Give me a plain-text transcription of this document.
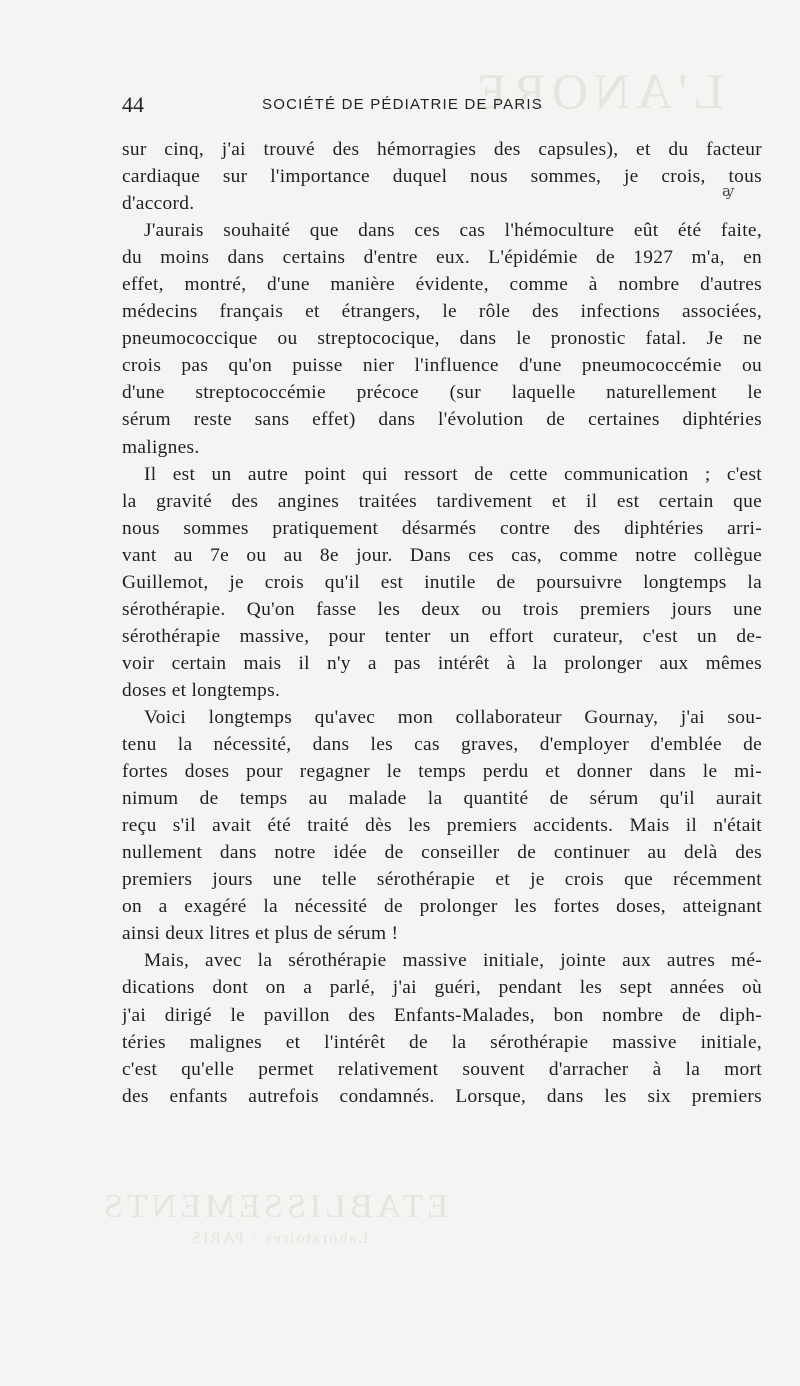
L'ANORE
ETABLISSEMENTS
Laboratoires · PARIS
44	SOCIÉTÉ DE PÉDIATRIE DE PARIS
ꜽ
sur cinq, j'ai trouvé des hémorragies des capsules), et du facteur
cardiaque sur l'importance duquel nous sommes, je crois, tous
d'accord.
J'aurais souhaité que dans ces cas l'hémoculture eût été faite,
du moins dans certains d'entre eux. L'épidémie de 1927 m'a, en
effet, montré, d'une manière évidente, comme à nombre d'autres
médecins français et étrangers, le rôle des infections associées,
pneumococcique ou streptococique, dans le pronostic fatal. Je ne
crois pas qu'on puisse nier l'influence d'une pneumococcémie ou
d'une streptococcémie précoce (sur laquelle naturellement le
sérum reste sans effet) dans l'évolution de certaines diphtéries
malignes.
Il est un autre point qui ressort de cette communication ; c'est
la gravité des angines traitées tardivement et il est certain que
nous sommes pratiquement désarmés contre des diphtéries arri-
vant au 7e ou au 8e jour. Dans ces cas, comme notre collègue
Guillemot, je crois qu'il est inutile de poursuivre longtemps la
sérothérapie. Qu'on fasse les deux ou trois premiers jours une
sérothérapie massive, pour tenter un effort curateur, c'est un de-
voir certain mais il n'y a pas intérêt à la prolonger aux mêmes
doses et longtemps.
Voici longtemps qu'avec mon collaborateur Gournay, j'ai sou-
tenu la nécessité, dans les cas graves, d'employer d'emblée de
fortes doses pour regagner le temps perdu et donner dans le mi-
nimum de temps au malade la quantité de sérum qu'il aurait
reçu s'il avait été traité dès les premiers accidents. Mais il n'était
nullement dans notre idée de conseiller de continuer au delà des
premiers jours une telle sérothérapie et je crois que récemment
on a exagéré la nécessité de prolonger les fortes doses, atteignant
ainsi deux litres et plus de sérum !
Mais, avec la sérothérapie massive initiale, jointe aux autres mé-
dications dont on a parlé, j'ai guéri, pendant les sept années où
j'ai dirigé le pavillon des Enfants-Malades, bon nombre de diph-
téries malignes et l'intérêt de la sérothérapie massive initiale,
c'est qu'elle permet relativement souvent d'arracher à la mort
des enfants autrefois condamnés. Lorsque, dans les six premiers
